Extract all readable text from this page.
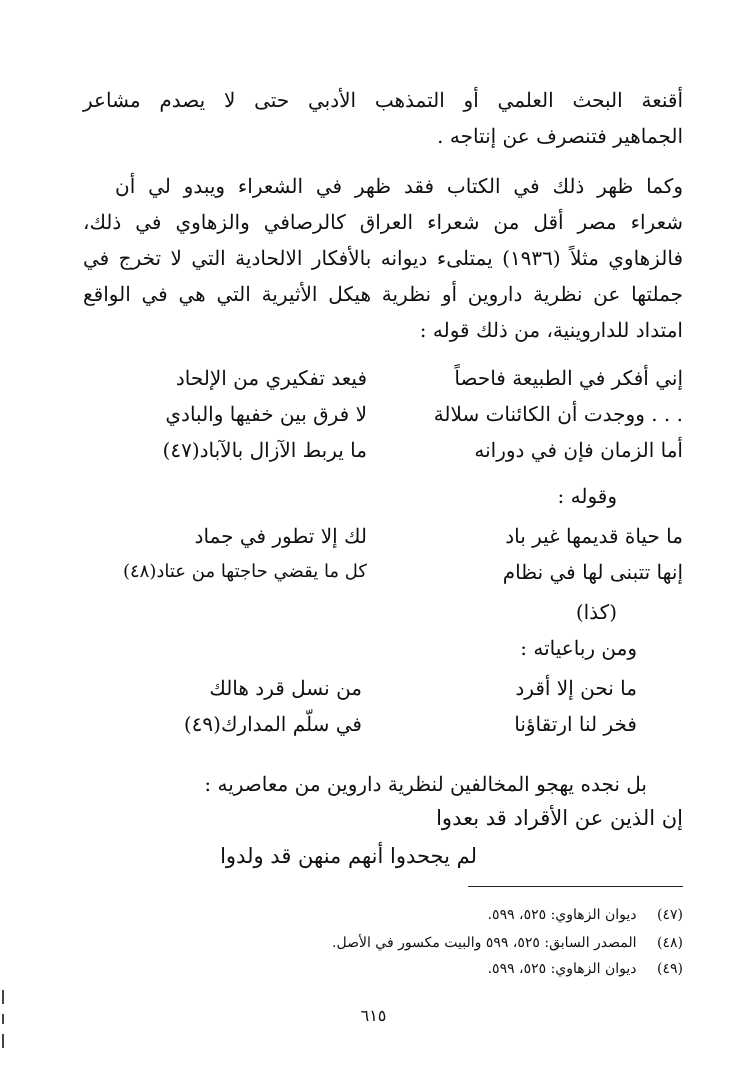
أقنعة البحث العلمي أو التمذهب الأدبي حتى لا يصدم مشاعر
الجماهير فتنصرف عن إنتاجه .
وكما ظهر ذلك في الكتاب فقد ظهر في الشعراء ويبدو لي أن
شعراء مصر أقل من شعراء العراق كالرصافي والزهاوي في ذلك،
فالزهاوي مثلاً (١٩٣٦) يمتلىء ديوانه بالأفكار الالحادية التي لا تخرج في
جملتها عن نظرية داروين أو نظرية هيكل الأثيرية التي هي في الواقع
امتداد للداروينية، من ذلك قوله :
إني أفكر في الطبيعة فاحصاً
فيعد تفكيري من الإلحاد
. . . ووجدت أن الكائنات سلالة
لا فرق بين خفيها والبادي
أما الزمان فإن في دورانه
ما يربط الآزال بالآباد(٤٧)
وقوله :
ما حياة قديمها غير باد
لك إلا تطور في جماد
إنها تتبنى لها في نظام
كل ما يقضي حاجتها من عتاد(٤٨)
(كذا)
ومن رباعياته :
ما نحن إلا أقرد
من نسل قرد هالك
فخر لنا ارتقاؤنا
في سلّم المدارك(٤٩)
بل نجده يهجو المخالفين لنظرية داروين من معاصريه :
إن الذين عن الأقراد قد بعدوا
لم يجحدوا أنهم منهن قد ولدوا
(٤٧) ديوان الزهاوي: ٥٢٥، ٥٩٩.
(٤٨) المصدر السابق: ٥٢٥، ٥٩٩ والبيت مكسور في الأصل.
(٤٩) ديوان الزهاوي: ٥٢٥، ٥٩٩.
٦١٥
